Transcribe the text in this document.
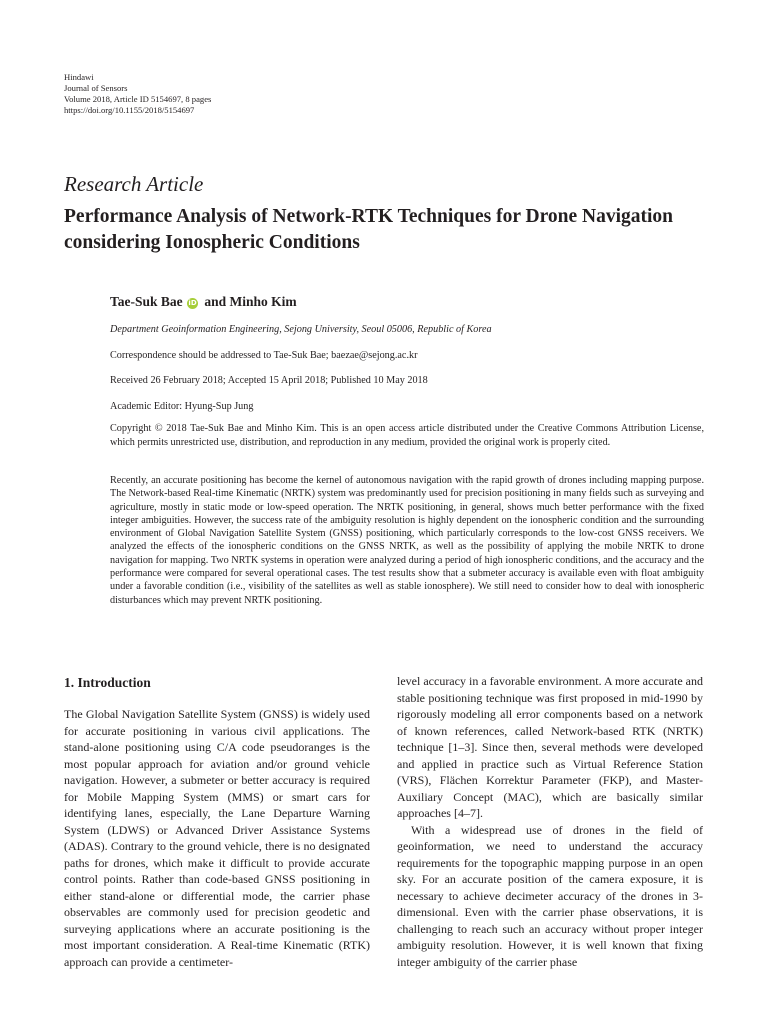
Hindawi
Journal of Sensors
Volume 2018, Article ID 5154697, 8 pages
https://doi.org/10.1155/2018/5154697
Research Article
Performance Analysis of Network-RTK Techniques for Drone Navigation considering Ionospheric Conditions
Tae-Suk Bae iD and Minho Kim
Department Geoinformation Engineering, Sejong University, Seoul 05006, Republic of Korea
Correspondence should be addressed to Tae-Suk Bae; baezae@sejong.ac.kr
Received 26 February 2018; Accepted 15 April 2018; Published 10 May 2018
Academic Editor: Hyung-Sup Jung
Copyright © 2018 Tae-Suk Bae and Minho Kim. This is an open access article distributed under the Creative Commons Attribution License, which permits unrestricted use, distribution, and reproduction in any medium, provided the original work is properly cited.
Recently, an accurate positioning has become the kernel of autonomous navigation with the rapid growth of drones including mapping purpose. The Network-based Real-time Kinematic (NRTK) system was predominantly used for precision positioning in many fields such as surveying and agriculture, mostly in static mode or low-speed operation. The NRTK positioning, in general, shows much better performance with the fixed integer ambiguities. However, the success rate of the ambiguity resolution is highly dependent on the ionospheric condition and the surrounding environment of Global Navigation Satellite System (GNSS) positioning, which particularly corresponds to the low-cost GNSS receivers. We analyzed the effects of the ionospheric conditions on the GNSS NRTK, as well as the possibility of applying the mobile NRTK to drone navigation for mapping. Two NRTK systems in operation were analyzed during a period of high ionospheric conditions, and the accuracy and the performance were compared for several operational cases. The test results show that a submeter accuracy is available even with float ambiguity under a favorable condition (i.e., visibility of the satellites as well as stable ionosphere). We still need to consider how to deal with ionospheric disturbances which may prevent NRTK positioning.
1. Introduction

The Global Navigation Satellite System (GNSS) is widely used for accurate positioning in various civil applications. The stand-alone positioning using C/A code pseudoranges is the most popular approach for aviation and/or ground vehicle navigation. However, a submeter or better accuracy is required for Mobile Mapping System (MMS) or smart cars for identifying lanes, especially, the Lane Departure Warning System (LDWS) or Advanced Driver Assistance Systems (ADAS). Contrary to the ground vehicle, there is no designated paths for drones, which make it difficult to provide accurate control points. Rather than code-based GNSS positioning in either stand-alone or differential mode, the carrier phase observables are commonly used for precision geodetic and surveying applications where an accurate positioning is the most important consideration. A Real-time Kinematic (RTK) approach can provide a centimeter-

level accuracy in a favorable environment. A more accurate and stable positioning technique was first proposed in mid-1990 by rigorously modeling all error components based on a network of known references, called Network-based RTK (NRTK) technique [1–3]. Since then, several methods were developed and applied in practice such as Virtual Reference Station (VRS), Flächen Korrektur Parameter (FKP), and Master-Auxiliary Concept (MAC), which are basically similar approaches [4–7].

With a widespread use of drones in the field of geoinformation, we need to understand the accuracy requirements for the topographic mapping purpose in an open sky. For an accurate position of the camera exposure, it is necessary to achieve decimeter accuracy of the drones in 3-dimensional. Even with the carrier phase observations, it is challenging to reach such an accuracy without proper integer ambiguity resolution. However, it is well known that fixing integer ambiguity of the carrier phase
